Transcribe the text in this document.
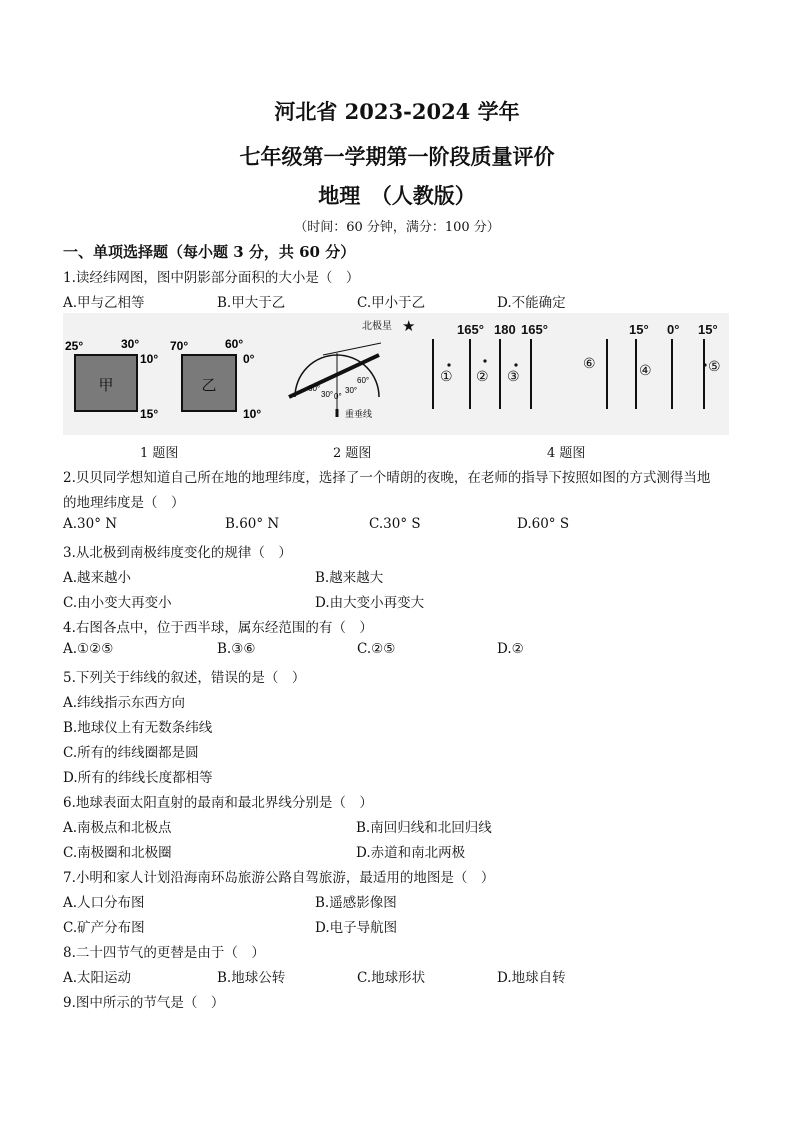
河北省 2023-2024 学年
七年级第一学期第一阶段质量评价
地理　（人教版）
（时间：60 分钟，满分：100 分）
一、单项选择题（每小题 3 分，共 60 分）
1.读经纬网图，图中阴影部分面积的大小是（　）
A.甲与乙相等	B.甲大于乙	C.甲小于乙	D.不能确定
甲	乙
25°	30°
10°
15°
70°	60°
0°
10°
北极星 ★
60°
30° 0°
30°
60°
重垂线
165° 180 165°	15° 0° 15°
① ② ③	④	⑤
⑥
1 题图	2 题图	4 题图
2.贝贝同学想知道自己所在地的地理纬度，选择了一个晴朗的夜晚，在老师的指导下按照如图的方式测得当地
的地理纬度是（　）
A.30° N	B.60° N	C.30° S	D.60° S
3.从北极到南极纬度变化的规律（　）
A.越来越小	B.越来越大
C.由小变大再变小	D.由大变小再变大
4.右图各点中，位于西半球，属东经范围的有（　）
A.①②⑤	B.③⑥	C.②⑤	D.②
5.下列关于纬线的叙述，错误的是（　）
A.纬线指示东西方向
B.地球仪上有无数条纬线
C.所有的纬线圈都是圆
D.所有的纬线长度都相等
6.地球表面太阳直射的最南和最北界线分别是（　）
A.南极点和北极点	B.南回归线和北回归线
C.南极圈和北极圈	D.赤道和南北两极
7.小明和家人计划沿海南环岛旅游公路自驾旅游，最适用的地图是（　）
A.人口分布图	B.遥感影像图
C.矿产分布图	D.电子导航图
8.二十四节气的更替是由于（　）
A.太阳运动	B.地球公转	C.地球形状	D.地球自转
9.图中所示的节气是（　）
